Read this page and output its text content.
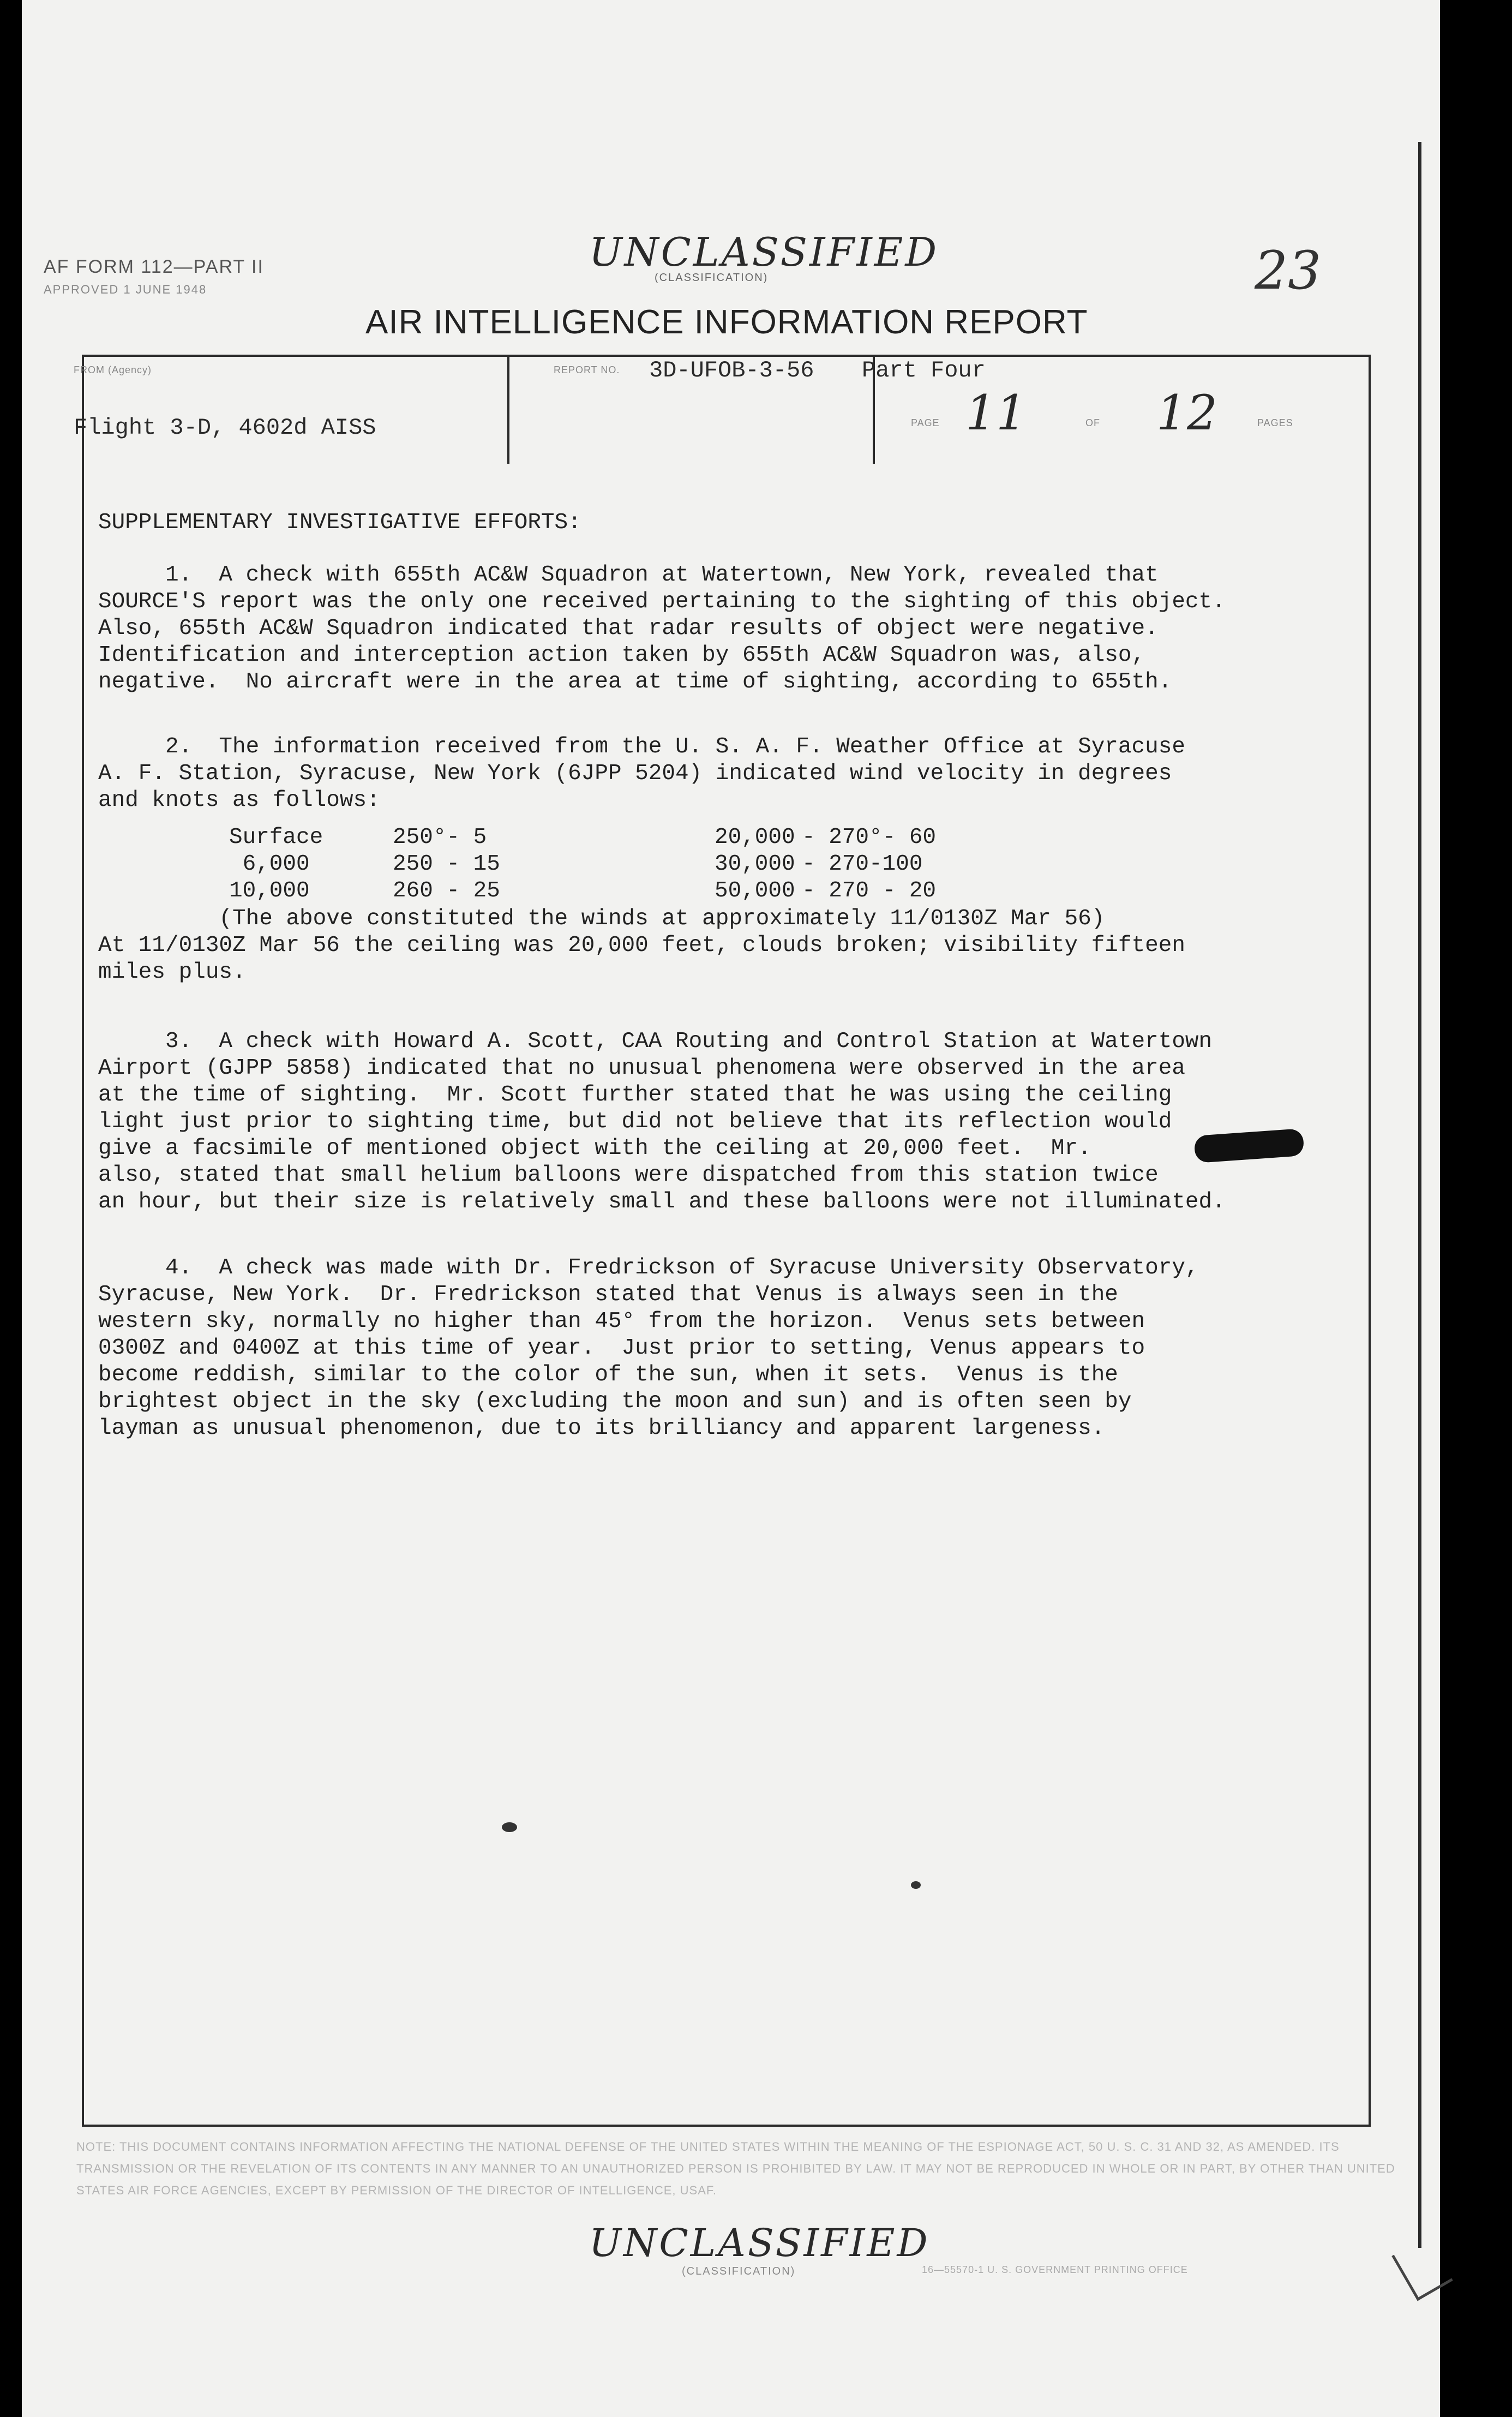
AF FORM 112—PART II
APPROVED 1 JUNE 1948
UNCLASSIFIED
(CLASSIFICATION)	23
AIR INTELLIGENCE INFORMATION REPORT
FROM (Agency)
Flight 3-D, 4602d AISS
REPORT NO. 3D-UFOB-3-56 Part Four
PAGE 11	OF 12	PAGES
SUPPLEMENTARY INVESTIGATIVE EFFORTS:
1.  A check with 655th AC&W Squadron at Watertown, New York, revealed that
SOURCE'S report was the only one received pertaining to the sighting of this object.
Also, 655th AC&W Squadron indicated that radar results of object were negative.
Identification and interception action taken by 655th AC&W Squadron was, also,
negative.  No aircraft were in the area at time of sighting, according to 655th.
2.  The information received from the U. S. A. F. Weather Office at Syracuse
A. F. Station, Syracuse, New York (6JPP 5204) indicated wind velocity in degrees
and knots as follows:
Surface	250°- 5	20,000 - 270°- 60
6,000	250 - 15	30,000 - 270-100
10,000	260 - 25	50,000 - 270 - 20
(The above constituted the winds at approximately 11/0130Z Mar 56)
At 11/0130Z Mar 56 the ceiling was 20,000 feet, clouds broken; visibility fifteen
miles plus.
3.  A check with Howard A. Scott, CAA Routing and Control Station at Watertown
Airport (GJPP 5858) indicated that no unusual phenomena were observed in the area
at the time of sighting.  Mr. Scott further stated that he was using the ceiling
light just prior to sighting time, but did not believe that its reflection would
give a facsimile of mentioned object with the ceiling at 20,000 feet.  Mr.
also, stated that small helium balloons were dispatched from this station twice
an hour, but their size is relatively small and these balloons were not illuminated.
4.  A check was made with Dr. Fredrickson of Syracuse University Observatory,
Syracuse, New York.  Dr. Fredrickson stated that Venus is always seen in the
western sky, normally no higher than 45° from the horizon.  Venus sets between
0300Z and 0400Z at this time of year.  Just prior to setting, Venus appears to
become reddish, similar to the color of the sun, when it sets.  Venus is the
brightest object in the sky (excluding the moon and sun) and is often seen by
layman as unusual phenomenon, due to its brilliancy and apparent largeness.
NOTE: THIS DOCUMENT CONTAINS INFORMATION AFFECTING THE NATIONAL DEFENSE OF THE UNITED STATES WITHIN THE MEANING OF THE ESPIONAGE ACT, 50 U. S. C. 31 AND 32, AS AMENDED. ITS TRANSMISSION OR THE REVELATION OF ITS CONTENTS IN ANY MANNER TO AN UNAUTHORIZED PERSON IS PROHIBITED BY LAW. IT MAY NOT BE REPRODUCED IN WHOLE OR IN PART, BY OTHER THAN UNITED STATES AIR FORCE AGENCIES, EXCEPT BY PERMISSION OF THE DIRECTOR OF INTELLIGENCE, USAF.
UNCLASSIFIED
(CLASSIFICATION)	16—55570-1 U. S. GOVERNMENT PRINTING OFFICE
